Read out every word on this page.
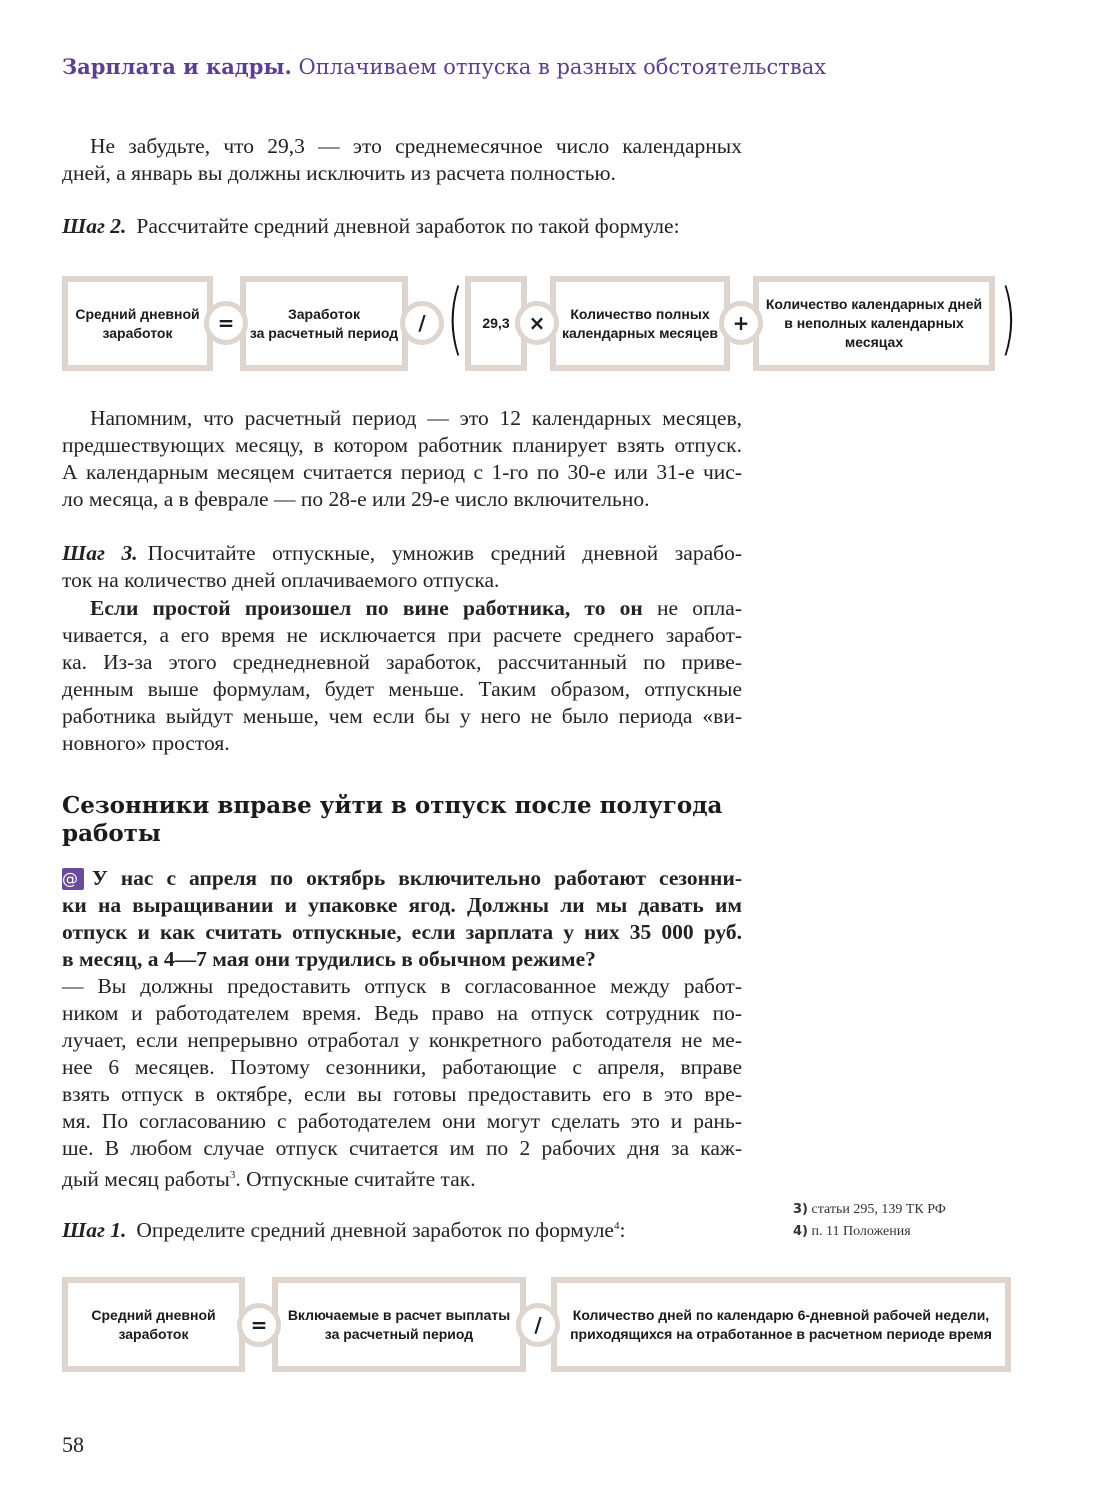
Зарплата и кадры. Оплачиваем отпуска в разных обстоятельствах
Не забудьте, что 29,3 — это среднемесячное число календарных
дней, а январь вы должны исключить из расчета полностью.
Шаг 2. Рассчитайте средний дневной заработок по такой формуле:
Средний дневной
заработок	=	Заработок
за расчетный период	/ ( 29,3 ×	Количество полных
календарных месяцев +
Количество календарных дней
в неполных календарных
месяцах	)
Напомним, что расчетный период — это 12 календарных месяцев,
предшествующих месяцу, в котором работник планирует взять отпуск.
А календарным месяцем считается период с 1-го по 30-е или 31-е чис-
ло месяца, а в феврале — по 28-е или 29-е число включительно.
Шаг 3. Посчитайте отпускные, умножив средний дневной зарабо-
ток на количество дней оплачиваемого отпуска.
Если простой произошел по вине работника, то он не опла-
чивается, а его время не исключается при расчете среднего заработ-
ка. Из-за этого среднедневной заработок, рассчитанный по приве-
денным выше формулам, будет меньше. Таким образом, отпускные
работника выйдут меньше, чем если бы у него не было периода «ви-
новного» простоя.
Сезонники вправе уйти в отпуск после полугода
работы
@ У нас с апреля по октябрь включительно работают сезонни-
ки на выращивании и упаковке ягод. Должны ли мы давать им
отпуск и как считать отпускные, если зарплата у них 35 000 руб.
в месяц, а 4—7 мая они трудились в обычном режиме?
— Вы должны предоставить отпуск в согласованное между работ-
ником и работодателем время. Ведь право на отпуск сотрудник по-
лучает, если непрерывно отработал у конкретного работодателя не ме-
нее 6 месяцев. Поэтому сезонники, работающие с апреля, вправе
взять отпуск в октябре, если вы готовы предоставить его в это вре-
мя. По согласованию с работодателем они могут сделать это и рань-
ше. В любом случае отпуск считается им по 2 рабочих дня за каж-
дый месяц работы$^3$. Отпускные считайте так.
Шаг 1. Определите средний дневной заработок по формуле$^4$:
3) статьи 295, 139 ТК РФ
4) п. 11 Положения
Средний дневной
заработок	=	Включаемые в расчет выплаты
за расчетный период	/	Количество дней по календарю 6-дневной рабочей недели,
приходящихся на отработанное в расчетном периоде время
58
